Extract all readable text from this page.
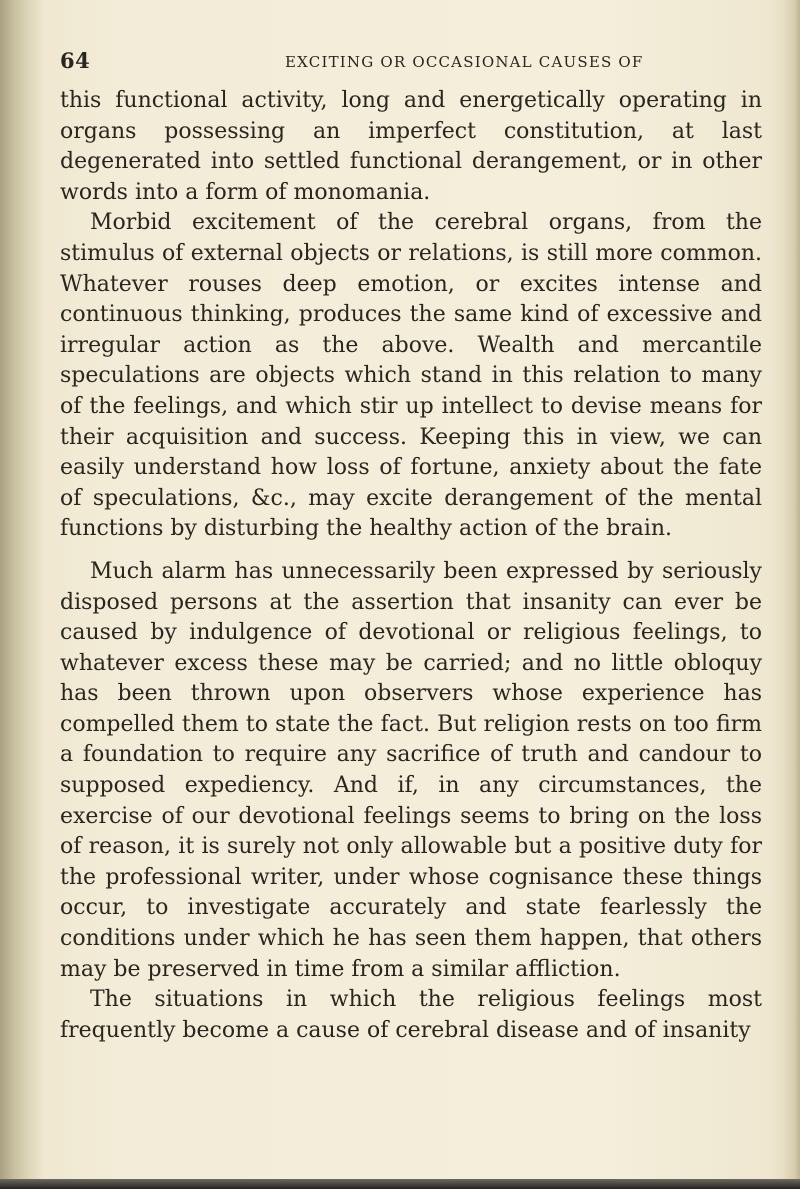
64	EXCITING OR OCCASIONAL CAUSES OF

this functional activity, long and energetically operating in organs possessing an imperfect constitution, at last degenerated into settled functional derangement, or in other words into a form of monomania.

Morbid excitement of the cerebral organs, from the stimulus of external objects or relations, is still more common. Whatever rouses deep emotion, or excites intense and continuous thinking, produces the same kind of excessive and irregular action as the above. Wealth and mercantile speculations are objects which stand in this relation to many of the feelings, and which stir up intellect to devise means for their acquisition and success. Keeping this in view, we can easily understand how loss of fortune, anxiety about the fate of speculations, &c., may excite derangement of the mental functions by disturbing the healthy action of the brain.

Much alarm has unnecessarily been expressed by seriously disposed persons at the assertion that insanity can ever be caused by indulgence of devotional or religious feelings, to whatever excess these may be carried; and no little obloquy has been thrown upon observers whose experience has compelled them to state the fact. But religion rests on too firm a foundation to require any sacrifice of truth and candour to supposed expediency. And if, in any circumstances, the exercise of our devotional feelings seems to bring on the loss of reason, it is surely not only allowable but a positive duty for the professional writer, under whose cognisance these things occur, to investigate accurately and state fearlessly the conditions under which he has seen them happen, that others may be preserved in time from a similar affliction.

The situations in which the religious feelings most frequently become a cause of cerebral disease and of insanity
